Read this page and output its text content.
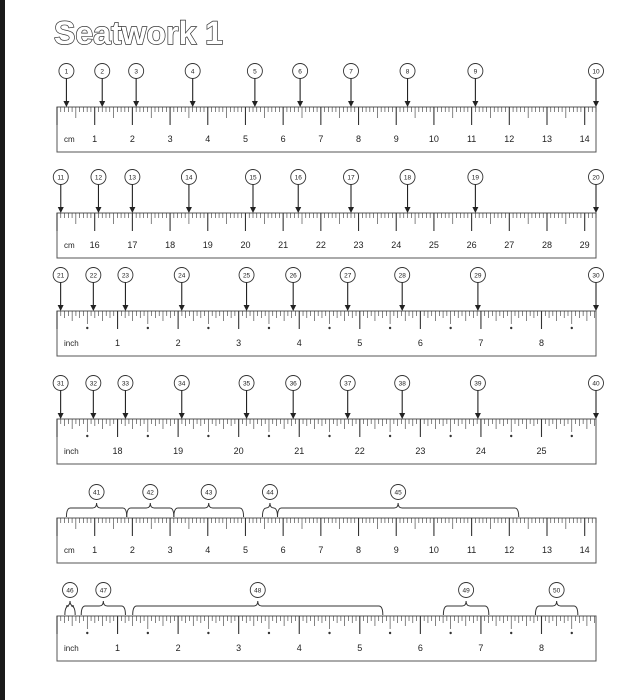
Seatwork 1
cm 1	2	3	4	5	6	7	8	9	10	11	12	13	14
1	2	3	4	5	6	7	8	9	10
cm 16	17	18	19	20	21	22	23	24	25	26	27	28	29
11	12	13	14	15	16	17	18	19	20
inch	1	2	3	4	5	6	7	8
21	22	23	24	25	26	27	28	29	30
inch	18	19	20	21	22	23	24	25
31	32	33	34	35	36	37	38	39	40
cm 1	2	3	4	5	6	7	8	9	10	11	12	13	14
41	42	43	44	45
inch	1	2	3	4	5	6	7	8
46	47	48	49	50
